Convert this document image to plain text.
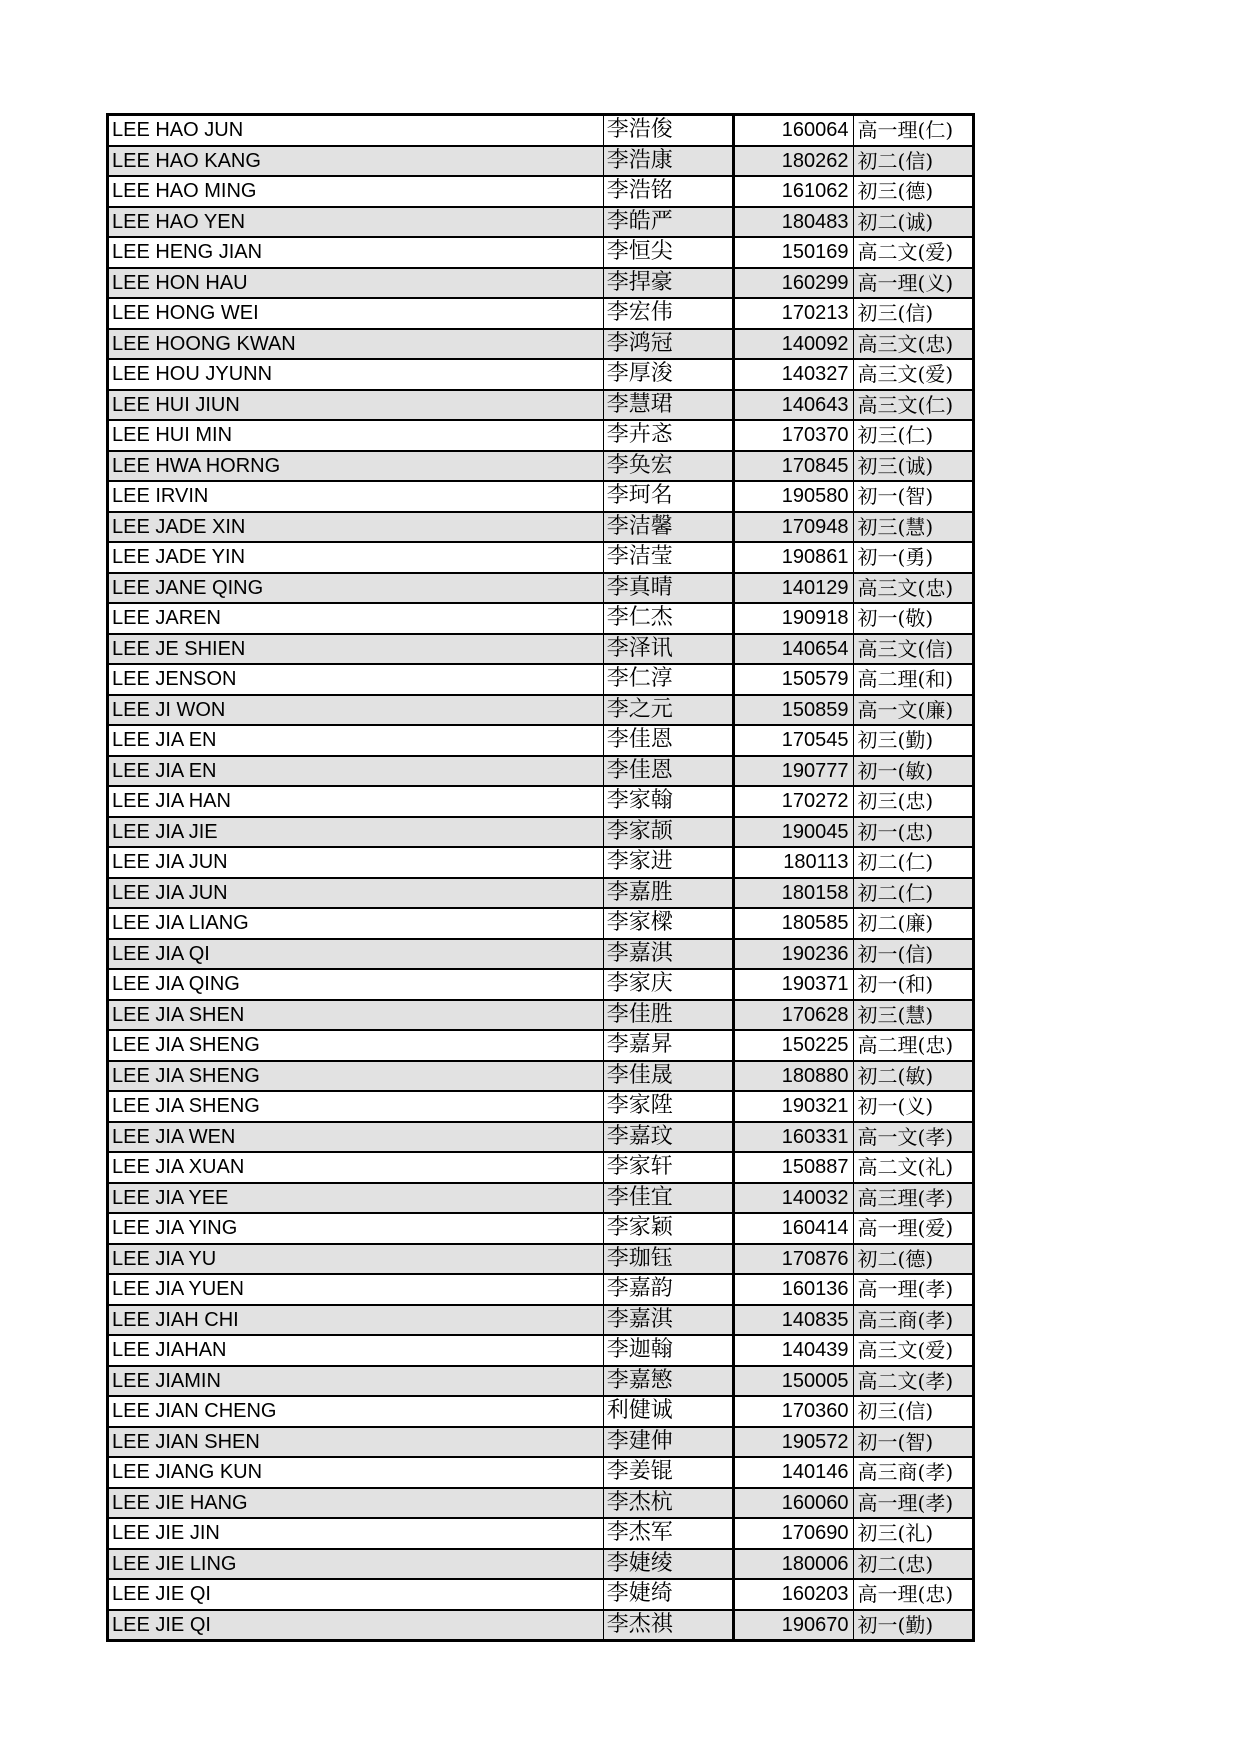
LEE HAO JUN	李浩俊	160064	高一理(仁)
LEE HAO KANG	李浩康	180262	初二(信)
LEE HAO MING	李浩铭	161062	初三(德)
LEE HAO YEN	李皓严	180483	初二(诚)
LEE HENG JIAN	李恒尖	150169	高二文(爱)
LEE HON HAU	李捍豪	160299	高一理(义)
LEE HONG WEI	李宏伟	170213	初三(信)
LEE HOONG KWAN	李鸿冠	140092	高三文(忠)
LEE HOU JYUNN	李厚浚	140327	高三文(爱)
LEE HUI JIUN	李慧珺	140643	高三文(仁)
LEE HUI MIN	李卉忞	170370	初三(仁)
LEE HWA HORNG	李奂宏	170845	初三(诚)
LEE IRVIN	李珂名	190580	初一(智)
LEE JADE XIN	李洁馨	170948	初三(慧)
LEE JADE YIN	李洁莹	190861	初一(勇)
LEE JANE QING	李真晴	140129	高三文(忠)
LEE JAREN	李仁杰	190918	初一(敬)
LEE JE SHIEN	李泽讯	140654	高三文(信)
LEE JENSON	李仁淳	150579	高二理(和)
LEE JI WON	李之元	150859	高一文(廉)
LEE JIA EN	李佳恩	170545	初三(勤)
LEE JIA EN	李佳恩	190777	初一(敏)
LEE JIA HAN	李家翰	170272	初三(忠)
LEE JIA JIE	李家颉	190045	初一(忠)
LEE JIA JUN	李家进	180113	初二(仁)
LEE JIA JUN	李嘉胜	180158	初二(仁)
LEE JIA LIANG	李家樑	180585	初二(廉)
LEE JIA QI	李嘉淇	190236	初一(信)
LEE JIA QING	李家庆	190371	初一(和)
LEE JIA SHEN	李佳胜	170628	初三(慧)
LEE JIA SHENG	李嘉昇	150225	高二理(忠)
LEE JIA SHENG	李佳晟	180880	初二(敏)
LEE JIA SHENG	李家陞	190321	初一(义)
LEE JIA WEN	李嘉玟	160331	高一文(孝)
LEE JIA XUAN	李家轩	150887	高二文(礼)
LEE JIA YEE	李佳宜	140032	高三理(孝)
LEE JIA YING	李家颖	160414	高一理(爱)
LEE JIA YU	李珈钰	170876	初二(德)
LEE JIA YUEN	李嘉韵	160136	高一理(孝)
LEE JIAH CHI	李嘉淇	140835	高三商(孝)
LEE JIAHAN	李迦翰	140439	高三文(爱)
LEE JIAMIN	李嘉慜	150005	高二文(孝)
LEE JIAN CHENG	利健诚	170360	初三(信)
LEE JIAN SHEN	李建伸	190572	初一(智)
LEE JIANG KUN	李姜锟	140146	高三商(孝)
LEE JIE HANG	李杰杭	160060	高一理(孝)
LEE JIE JIN	李杰军	170690	初三(礼)
LEE JIE LING	李婕绫	180006	初二(忠)
LEE JIE QI	李婕绮	160203	高一理(忠)
LEE JIE QI	李杰祺	190670	初一(勤)
